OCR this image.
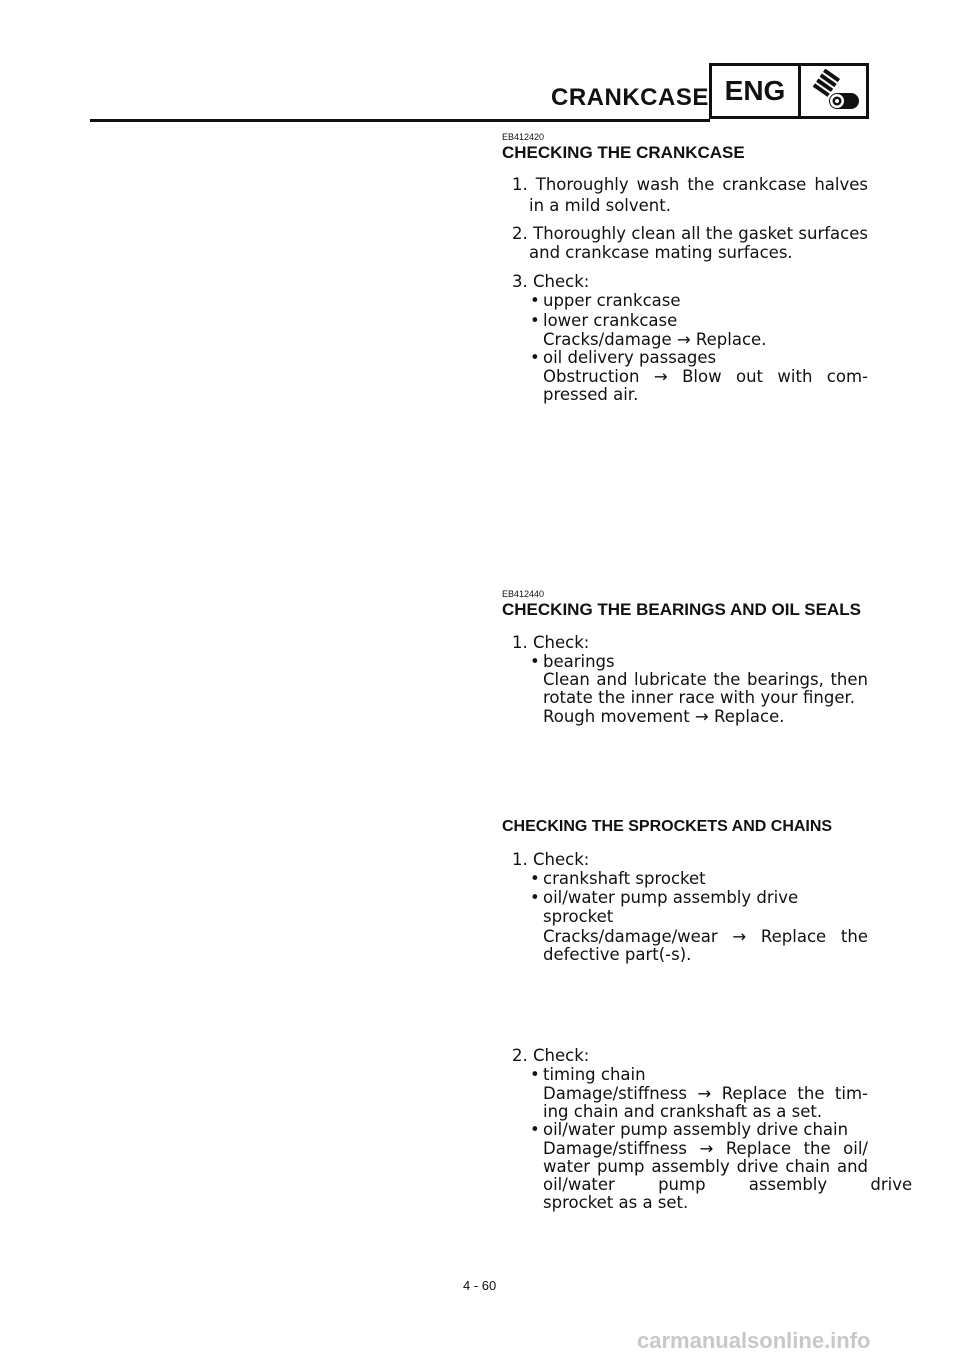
CRANKCASE ENG
EB412420
CHECKING THE CRANKCASE
1. Thoroughly wash the crankcase halves
in a mild solvent.
2. Thoroughly clean all the gasket surfaces
and crankcase mating surfaces.
3. Check:
• upper crankcase
• lower crankcase
Cracks/damage → Replace.
• oil delivery passages
Obstruction → Blow out with com-
pressed air.
EB412440
CHECKING THE BEARINGS AND OIL SEALS
1. Check:
• bearings
Clean and lubricate the bearings, then
rotate the inner race with your finger.
Rough movement → Replace.
CHECKING THE SPROCKETS AND CHAINS
1. Check:
• crankshaft sprocket
• oil/water pump assembly drive
sprocket
Cracks/damage/wear → Replace the
defective part(-s).
2. Check:
• timing chain
Damage/stiffness → Replace the tim-
ing chain and crankshaft as a set.
• oil/water pump assembly drive chain
Damage/stiffness → Replace the oil/
water pump assembly drive chain and
oil/water pump assembly drive
sprocket as a set.
4 - 60
carmanualsonline.info
